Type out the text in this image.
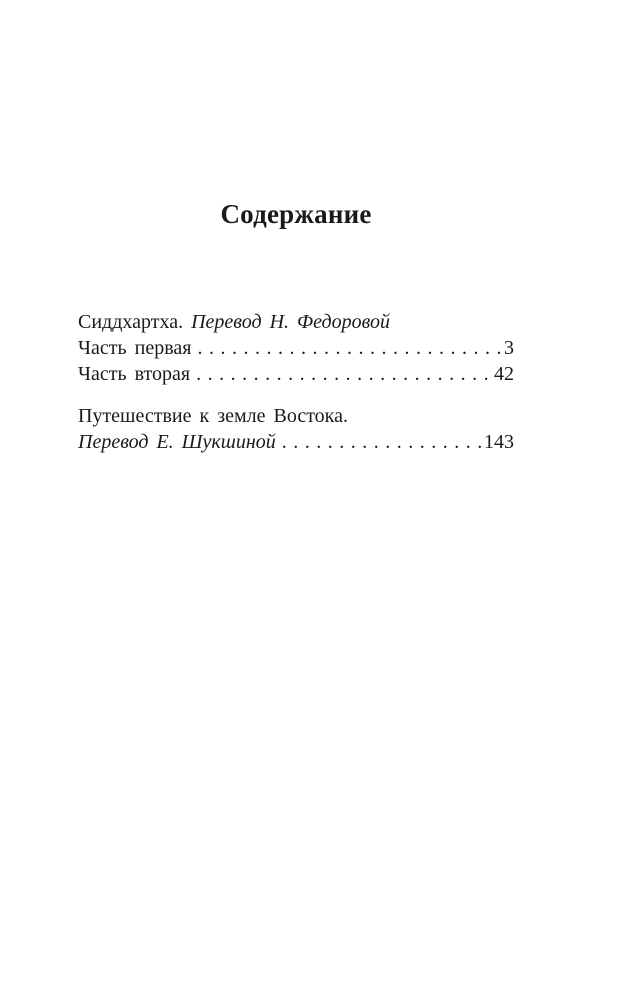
Содержание
Сиддхартха. Перевод Н. Федоровой
Часть первая .....	3
Часть вторая .....	42
Путешествие к земле Востока.
Перевод Е. Шукшиной .....	143
